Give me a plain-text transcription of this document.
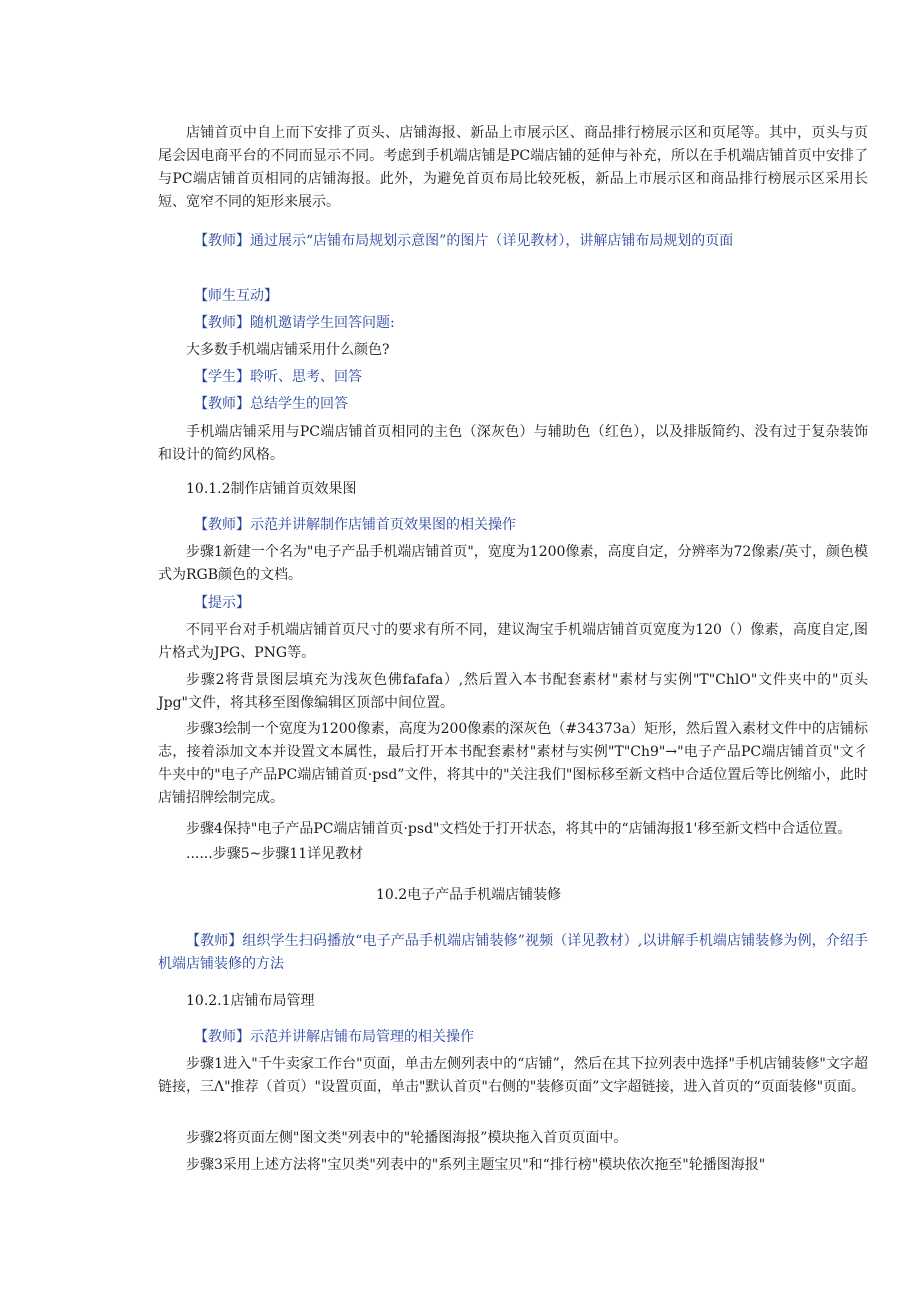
店铺首页中自上而下安排了页头、店铺海报、新品上市展示区、商品排行榜展示区和页尾等。其中，页头与页尾会因电商平台的不同而显示不同。考虑到手机端店铺是PC端店铺的延伸与补充，所以在手机端店铺首页中安排了与PC端店铺首页相同的店铺海报。此外，为避免首页布局比较死板，新品上市展示区和商品排行榜展示区采用长短、宽窄不同的矩形来展示。

【教师】通过展示“店铺布局规划示意图”的图片（详见教材），讲解店铺布局规划的页面

【师生互动】

【教师】随机邀请学生回答问题:

大多数手机端店铺采用什么颜色?

【学生】聆听、思考、回答

【教师】总结学生的回答

手机端店铺采用与PC端店铺首页相同的主色（深灰色）与辅助色（红色），以及排版简约、没有过于复杂装饰和设计的简约风格。

10.1.2制作店铺首页效果图

【教师】示范并讲解制作店铺首页效果图的相关操作

步骤1新建一个名为"电子产品手机端店铺首页"，宽度为1200像素，高度自定，分辨率为72像素/英寸，颜色模式为RGB颜色的文档。

【提示】

不同平台对手机端店铺首页尺寸的要求有所不同，建议淘宝手机端店铺首页宽度为120（）像素，高度自定,图片格式为JPG、PNG等。

步骤2将背景图层填充为浅灰色佛fafafa）,然后置入本书配套素材"素材与实例"T"ChlO"文件夹中的"页头Jpg"文件，将其移至图像编辑区顶部中间位置。

步骤3绘制一个宽度为1200像素，高度为200像素的深灰色（#34373a）矩形，然后置入素材文件中的店铺标志，接着添加文本并设置文本属性，最后打开本书配套素材"素材与实例"T"Ch9"→"电子产品PC端店铺首页"文彳牛夹中的"电子产品PC端店铺首页·psd”文件，将其中的"关注我们"图标移至新文档中合适位置后等比例缩小，此时店铺招牌绘制完成。

步骤4保持"电子产品PC端店铺首页·psd"文档处于打开状态，将其中的“店铺海报1'移至新文档中合适位置。

......步骤5~步骤11详见教材

10.2电子产品手机端店铺装修

【教师】组织学生扫码播放“电子产品手机端店铺装修”视频（详见教材）,以讲解手机端店铺装修为例，介绍手机端店铺装修的方法

10.2.1店铺布局管理

【教师】示范并讲解店铺布局管理的相关操作

步骤1进入"千牛卖家工作台"页面，单击左侧列表中的“店铺”，然后在其下拉列表中选择"手机店铺装修"文字超链接，三Λ"推荐（首页）"设置页面，单击"默认首页"右侧的"装修页面”文字超链接，进入首页的“页面装修"页面。

步骤2将页面左侧"图文类"列表中的"轮播图海报”模块拖入首页页面中。

步骤3采用上述方法将"宝贝类"列表中的"系列主题宝贝"和“排行榜"模块依次拖至"轮播图海报"
